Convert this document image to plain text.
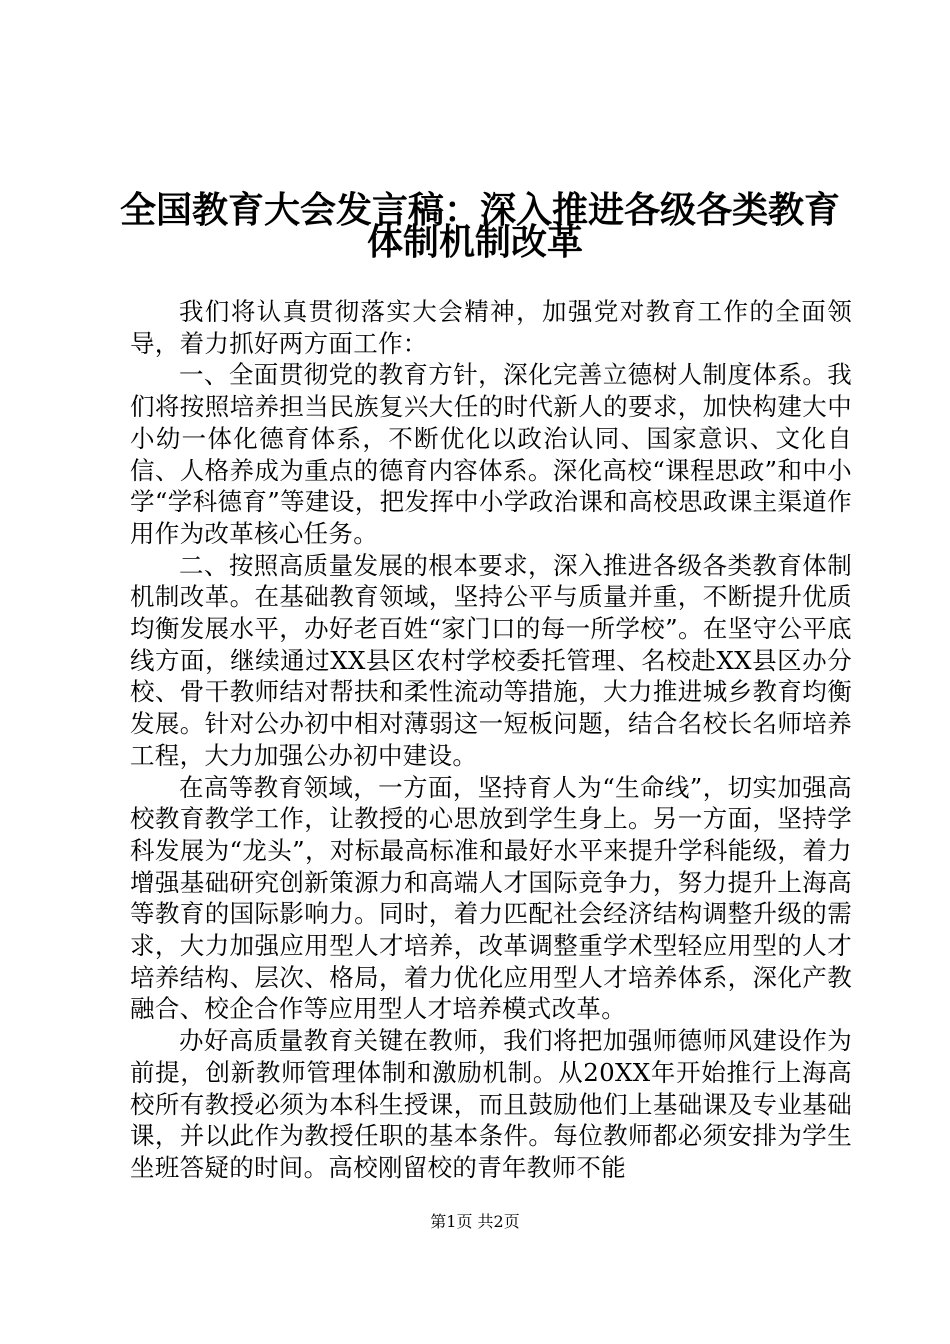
全国教育大会发言稿：深入推进各级各类教育
体制机制改革

我们将认真贯彻落实大会精神，加强党对教育工作的全面领导，着力抓好两方面工作：

一、全面贯彻党的教育方针，深化完善立德树人制度体系。我们将按照培养担当民族复兴大任的时代新人的要求，加快构建大中小幼一体化德育体系，不断优化以政治认同、国家意识、文化自信、人格养成为重点的德育内容体系。深化高校“课程思政”和中小学“学科德育”等建设，把发挥中小学政治课和高校思政课主渠道作用作为改革核心任务。

二、按照高质量发展的根本要求，深入推进各级各类教育体制机制改革。在基础教育领域，坚持公平与质量并重，不断提升优质均衡发展水平，办好老百姓“家门口的每一所学校”。在坚守公平底线方面，继续通过XX县区农村学校委托管理、名校赴XX县区办分校、骨干教师结对帮扶和柔性流动等措施，大力推进城乡教育均衡发展。针对公办初中相对薄弱这一短板问题，结合名校长名师培养工程，大力加强公办初中建设。

在高等教育领域，一方面，坚持育人为“生命线”，切实加强高校教育教学工作，让教授的心思放到学生身上。另一方面，坚持学科发展为“龙头”，对标最高标准和最好水平来提升学科能级，着力增强基础研究创新策源力和高端人才国际竞争力，努力提升上海高等教育的国际影响力。同时，着力匹配社会经济结构调整升级的需求，大力加强应用型人才培养，改革调整重学术型轻应用型的人才培养结构、层次、格局，着力优化应用型人才培养体系，深化产教融合、校企合作等应用型人才培养模式改革。

办好高质量教育关键在教师，我们将把加强师德师风建设作为前提，创新教师管理体制和激励机制。从20XX年开始推行上海高校所有教授必须为本科生授课，而且鼓励他们上基础课及专业基础课，并以此作为教授任职的基本条件。每位教师都必须安排为学生坐班答疑的时间。高校刚留校的青年教师不能

第1页 共2页
